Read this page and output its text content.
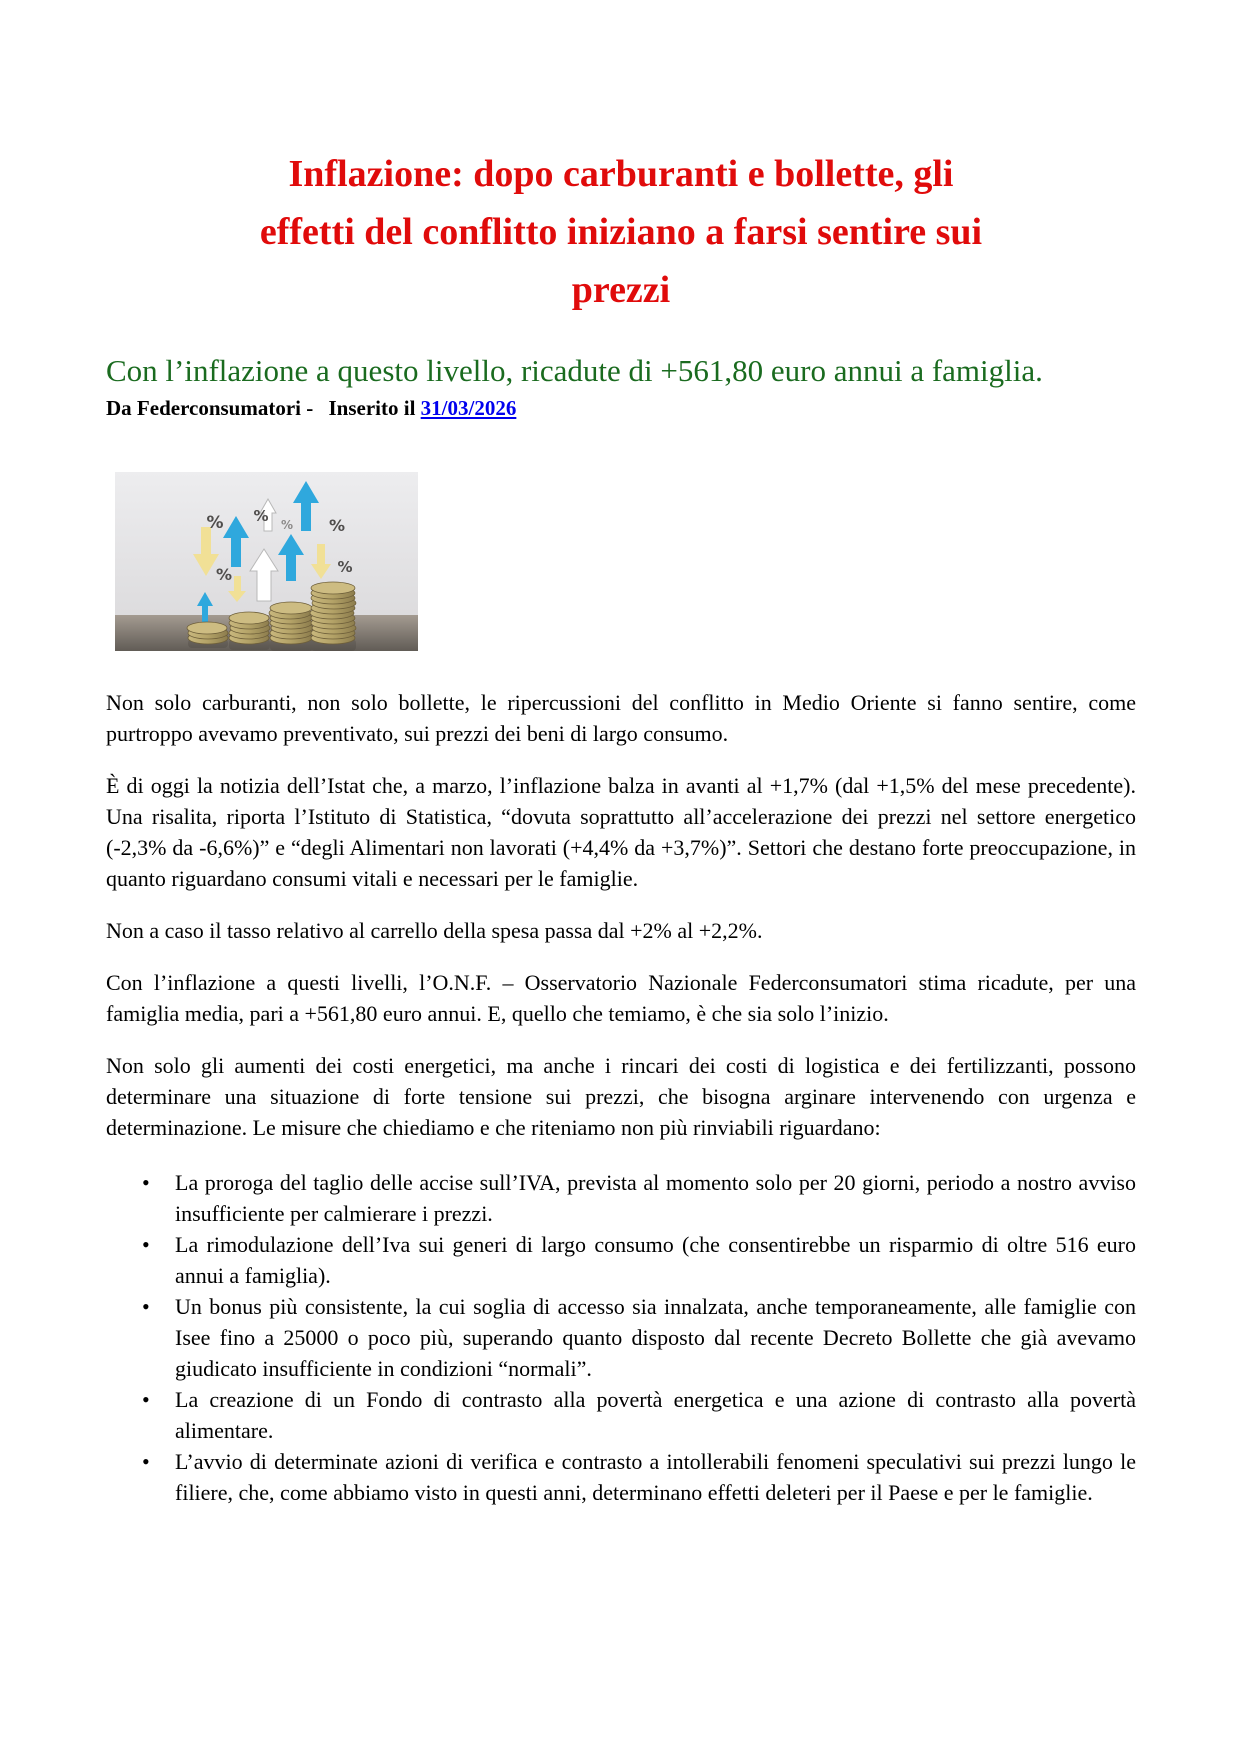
Inflazione: dopo carburanti e bollette, gli
effetti del conflitto iniziano a farsi sentire sui
prezzi
Con l’inflazione a questo livello, ricadute di +561,80 euro annui a famiglia.
Da Federconsumatori - Inserito il 31/03/2026
% % % %
%	%

Non solo carburanti, non solo bollette, le ripercussioni del conflitto in Medio Oriente si fanno sentire, come purtroppo avevamo preventivato, sui prezzi dei beni di largo consumo.

È di oggi la notizia dell’Istat che, a marzo, l’inflazione balza in avanti al +1,7% (dal +1,5% del mese precedente). Una risalita, riporta l’Istituto di Statistica, “dovuta soprattutto all’accelerazione dei prezzi nel settore energetico (-2,3% da -6,6%)” e “degli Alimentari non lavorati (+4,4% da +3,7%)”. Settori che destano forte preoccupazione, in quanto riguardano consumi vitali e necessari per le famiglie.

Non a caso il tasso relativo al carrello della spesa passa dal +2% al +2,2%.

Con l’inflazione a questi livelli, l’O.N.F. – Osservatorio Nazionale Federconsumatori stima ricadute, per una famiglia media, pari a +561,80 euro annui. E, quello che temiamo, è che sia solo l’inizio.

Non solo gli aumenti dei costi energetici, ma anche i rincari dei costi di logistica e dei fertilizzanti, possono determinare una situazione di forte tensione sui prezzi, che bisogna arginare intervenendo con urgenza e determinazione. Le misure che chiediamo e che riteniamo non più rinviabili riguardano:

• La proroga del taglio delle accise sull’IVA, prevista al momento solo per 20 giorni, periodo a nostro avviso insufficiente per calmierare i prezzi.
• La rimodulazione dell’Iva sui generi di largo consumo (che consentirebbe un risparmio di oltre 516 euro annui a famiglia).
• Un bonus più consistente, la cui soglia di accesso sia innalzata, anche temporaneamente, alle famiglie con Isee fino a 25000 o poco più, superando quanto disposto dal recente Decreto Bollette che già avevamo giudicato insufficiente in condizioni “normali”.
• La creazione di un Fondo di contrasto alla povertà energetica e una azione di contrasto alla povertà alimentare.
• L’avvio di determinate azioni di verifica e contrasto a intollerabili fenomeni speculativi sui prezzi lungo le filiere, che, come abbiamo visto in questi anni, determinano effetti deleteri per il Paese e per le famiglie.
